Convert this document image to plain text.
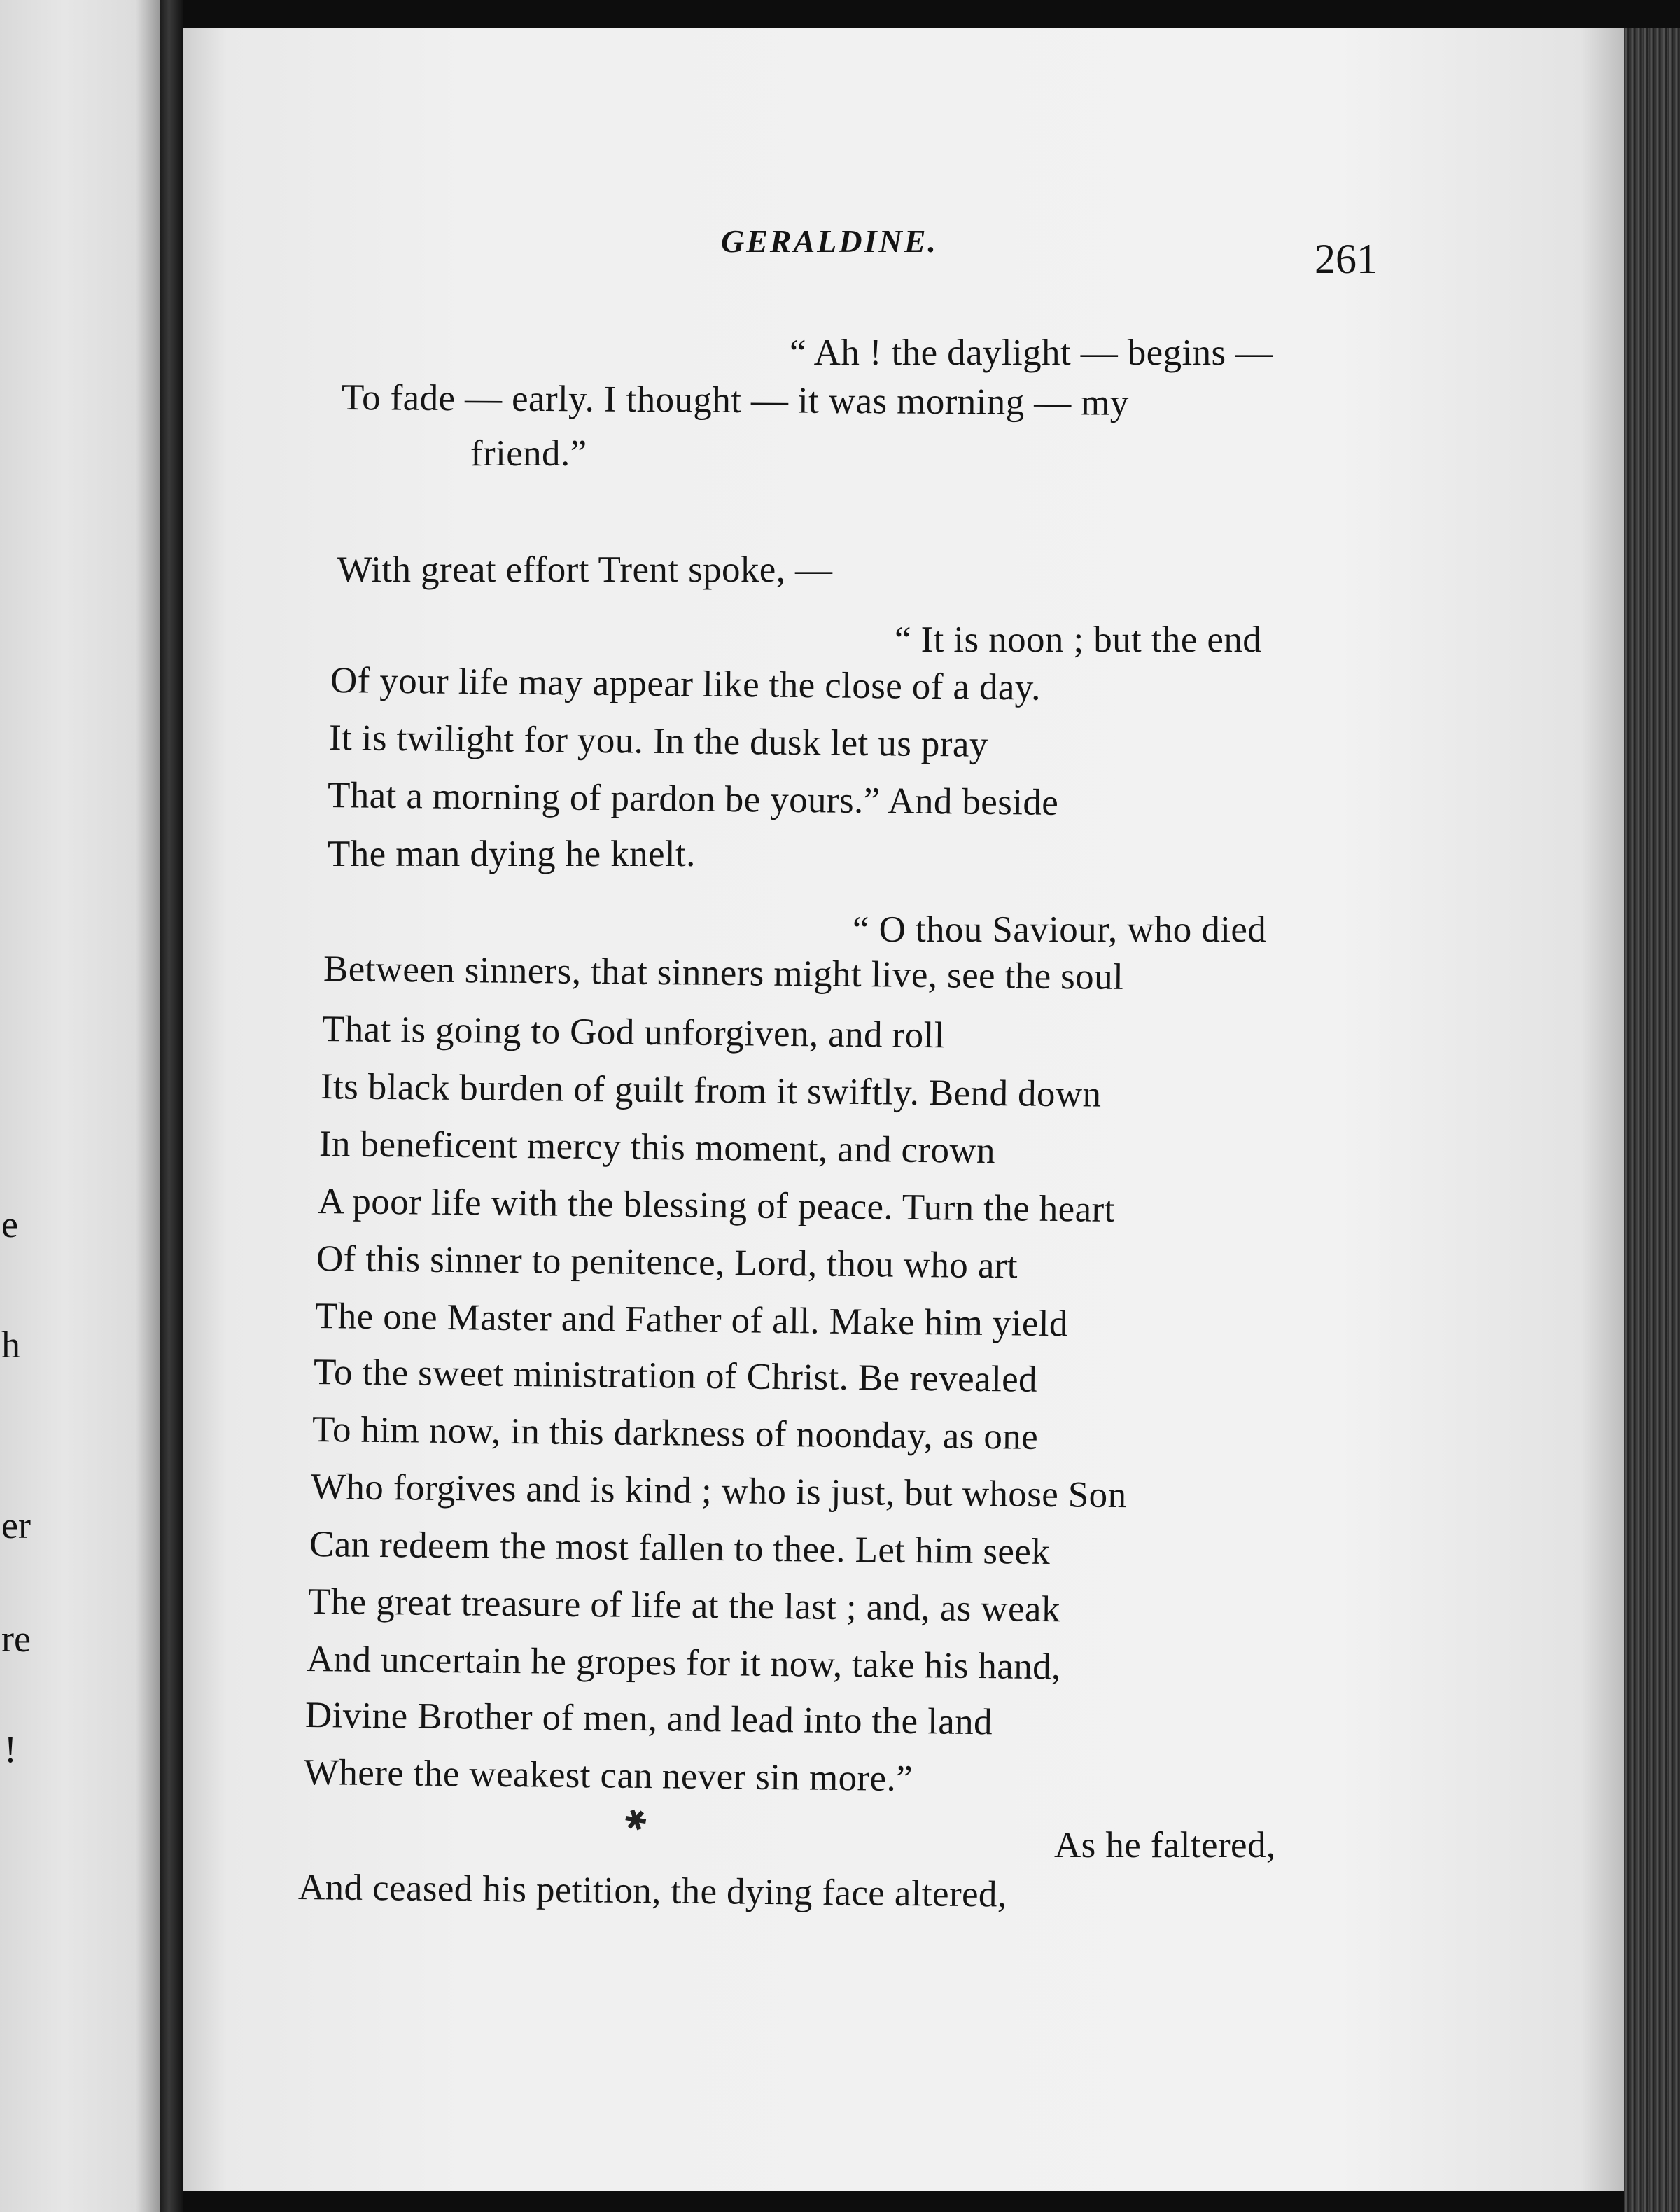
e
h
er
re
!
GERALDINE.	261
“ Ah ! the daylight — begins —
To fade — early. I thought — it was morning — my
friend.”
With great effort Trent spoke, —
“ It is noon ; but the end
Of your life may appear like the close of a day.
It is twilight for you. In the dusk let us pray
That a morning of pardon be yours.” And beside
The man dying he knelt.
“ O thou Saviour, who died
Between sinners, that sinners might live, see the soul
That is going to God unforgiven, and roll
Its black burden of guilt from it swiftly. Bend down
In beneficent mercy this moment, and crown
A poor life with the blessing of peace. Turn the heart
Of this sinner to penitence, Lord, thou who art
The one Master and Father of all. Make him yield
To the sweet ministration of Christ. Be revealed
To him now, in this darkness of noonday, as one
Who forgives and is kind ; who is just, but whose Son
Can redeem the most fallen to thee. Let him seek
The great treasure of life at the last ; and, as weak
And uncertain he gropes for it now, take his hand,
Divine Brother of men, and lead into the land
Where the weakest can never sin more.”
As he faltered,
And ceased his petition, the dying face altered,
✱
